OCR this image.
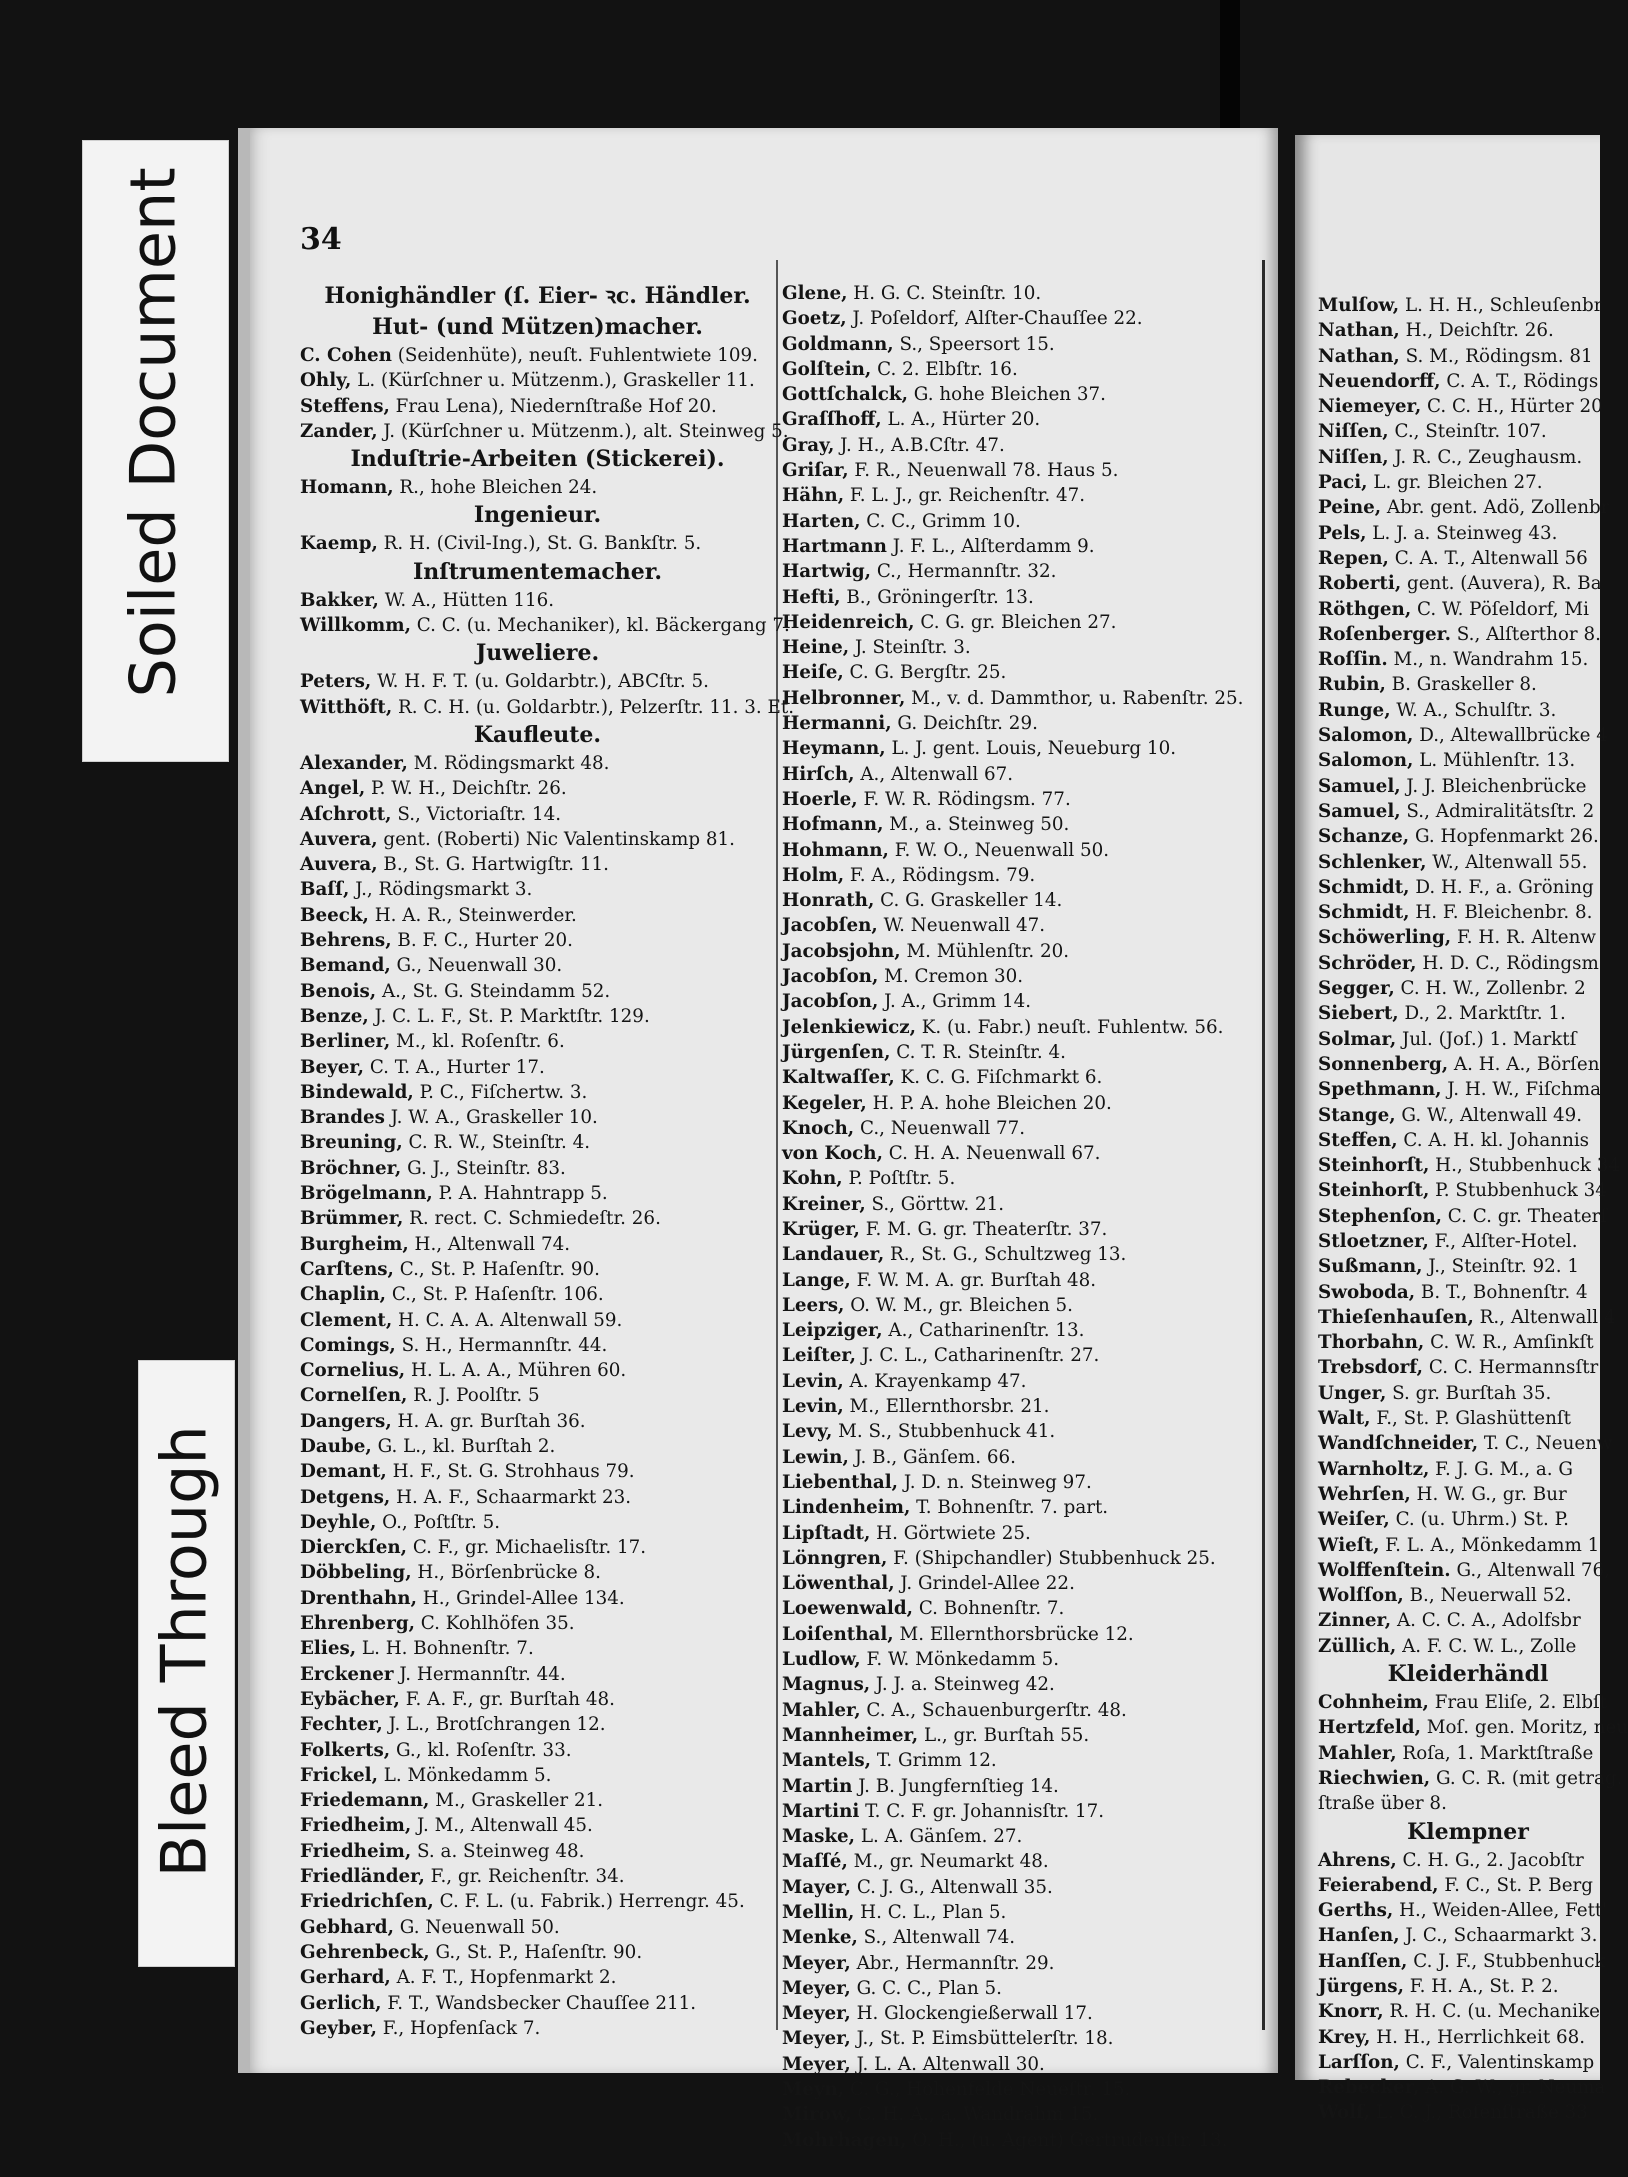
Soiled Document
Bleed Through
34
Honighändler (ſ. Eier- ꝛc. Händler.
Hut- (und Mützen)macher.
C. Cohen (Seidenhüte), neuſt. Fuhlentwiete 109.
Ohly, L. (Kürſchner u. Mützenm.), Graskeller 11.
Steffens, Frau Lena), Niedernſtraße Hof 20.
Zander, J. (Kürſchner u. Mützenm.), alt. Steinweg 5.
Induſtrie-Arbeiten (Stickerei).
Homann, R., hohe Bleichen 24.
Ingenieur.
Kaemp, R. H. (Civil-Ing.), St. G. Bankſtr. 5.
Inſtrumentemacher.
Bakker, W. A., Hütten 116.
Willkomm, C. C. (u. Mechaniker), kl. Bäckergang 7.
Juweliere.
Peters, W. H. F. T. (u. Goldarbtr.), ABCſtr. 5.
Witthöft, R. C. H. (u. Goldarbtr.), Pelzerſtr. 11. 3. Et.
Kaufleute.
Alexander, M. Rödingsmarkt 48.
Angel, P. W. H., Deichſtr. 26.
Aſchrott, S., Victoriaſtr. 14.
Auvera, gent. (Roberti) Nic Valentinskamp 81.
Auvera, B., St. G. Hartwigſtr. 11.
Baſſ, J., Rödingsmarkt 3.
Beeck, H. A. R., Steinwerder.
Behrens, B. F. C., Hurter 20.
Bemand, G., Neuenwall 30.
Benois, A., St. G. Steindamm 52.
Benze, J. C. L. F., St. P. Marktſtr. 129.
Berliner, M., kl. Roſenſtr. 6.
Beyer, C. T. A., Hurter 17.
Bindewald, P. C., Fiſchertw. 3.
Brandes J. W. A., Graskeller 10.
Breuning, C. R. W., Steinſtr. 4.
Bröchner, G. J., Steinſtr. 83.
Brögelmann, P. A. Hahntrapp 5.
Brümmer, R. rect. C. Schmiedeſtr. 26.
Burgheim, H., Altenwall 74.
Carſtens, C., St. P. Haſenſtr. 90.
Chaplin, C., St. P. Haſenſtr. 106.
Clement, H. C. A. A. Altenwall 59.
Comings, S. H., Hermannſtr. 44.
Cornelius, H. L. A. A., Mühren 60.
Cornelſen, R. J. Poolſtr. 5
Dangers, H. A. gr. Burſtah 36.
Daube, G. L., kl. Burſtah 2.
Demant, H. F., St. G. Strohhaus 79.
Detgens, H. A. F., Schaarmarkt 23.
Deyhle, O., Poſtſtr. 5.
Dierckſen, C. F., gr. Michaelisſtr. 17.
Döbbeling, H., Börſenbrücke 8.
Drenthahn, H., Grindel-Allee 134.
Ehrenberg, C. Kohlhöfen 35.
Elies, L. H. Bohnenſtr. 7.
Erckener J. Hermannſtr. 44.
Eybächer, F. A. F., gr. Burſtah 48.
Fechter, J. L., Brotſchrangen 12.
Folkerts, G., kl. Roſenſtr. 33.
Frickel, L. Mönkedamm 5.
Friedemann, M., Graskeller 21.
Friedheim, J. M., Altenwall 45.
Friedheim, S. a. Steinweg 48.
Friedländer, F., gr. Reichenſtr. 34.
Friedrichſen, C. F. L. (u. Fabrik.) Herrengr. 45.
Gebhard, G. Neuenwall 50.
Gehrenbeck, G., St. P., Haſenſtr. 90.
Gerhard, A. F. T., Hopfenmarkt 2.
Gerlich, F. T., Wandsbecker Chauſſee 211.
Geyber, F., Hopfenſack 7.
Glene, H. G. C. Steinſtr. 10.
Goetz, J. Poſeldorf, Alſter-Chauſſee 22.
Goldmann, S., Speersort 15.
Golſtein, C. 2. Elbſtr. 16.
Gottſchalck, G. hohe Bleichen 37.
Graſſhoff, L. A., Hürter 20.
Gray, J. H., A.B.Cſtr. 47.
Griſar, F. R., Neuenwall 78. Haus 5.
Hähn, F. L. J., gr. Reichenſtr. 47.
Harten, C. C., Grimm 10.
Hartmann J. F. L., Alſterdamm 9.
Hartwig, C., Hermannſtr. 32.
Hefti, B., Gröningerſtr. 13.
Heidenreich, C. G. gr. Bleichen 27.
Heine, J. Steinſtr. 3.
Heiſe, C. G. Bergſtr. 25.
Helbronner, M., v. d. Dammthor, u. Rabenſtr. 25.
Hermanni, G. Deichſtr. 29.
Heymann, L. J. gent. Louis, Neueburg 10.
Hirſch, A., Altenwall 67.
Hoerle, F. W. R. Rödingsm. 77.
Hofmann, M., a. Steinweg 50.
Hohmann, F. W. O., Neuenwall 50.
Holm, F. A., Rödingsm. 79.
Honrath, C. G. Graskeller 14.
Jacobſen, W. Neuenwall 47.
Jacobsjohn, M. Mühlenſtr. 20.
Jacobſon, M. Cremon 30.
Jacobſon, J. A., Grimm 14.
Jelenkiewicz, K. (u. Fabr.) neuſt. Fuhlentw. 56.
Jürgenſen, C. T. R. Steinſtr. 4.
Kaltwaſſer, K. C. G. Fiſchmarkt 6.
Kegeler, H. P. A. hohe Bleichen 20.
Knoch, C., Neuenwall 77.
von Koch, C. H. A. Neuenwall 67.
Kohn, P. Poſtſtr. 5.
Kreiner, S., Görttw. 21.
Krüger, F. M. G. gr. Theaterſtr. 37.
Landauer, R., St. G., Schultzweg 13.
Lange, F. W. M. A. gr. Burſtah 48.
Leers, O. W. M., gr. Bleichen 5.
Leipziger, A., Catharinenſtr. 13.
Leiſter, J. C. L., Catharinenſtr. 27.
Levin, A. Krayenkamp 47.
Levin, M., Ellernthorsbr. 21.
Levy, M. S., Stubbenhuck 41.
Lewin, J. B., Gänſem. 66.
Liebenthal, J. D. n. Steinweg 97.
Lindenheim, T. Bohnenſtr. 7. part.
Lipſtadt, H. Görtwiete 25.
Lönngren, F. (Shipchandler) Stubbenhuck 25.
Löwenthal, J. Grindel-Allee 22.
Loewenwald, C. Bohnenſtr. 7.
Loiſenthal, M. Ellernthorsbrücke 12.
Ludlow, F. W. Mönkedamm 5.
Magnus, J. J. a. Steinweg 42.
Mahler, C. A., Schauenburgerſtr. 48.
Mannheimer, L., gr. Burſtah 55.
Mantels, T. Grimm 12.
Martin J. B. Jungfernſtieg 14.
Martini T. C. F. gr. Johannisſtr. 17.
Maske, L. A. Gänſem. 27.
Maſſé, M., gr. Neumarkt 48.
Mayer, C. J. G., Altenwall 35.
Mellin, H. C. L., Plan 5.
Menke, S., Altenwall 74.
Meyer, Abr., Hermannſtr. 29.
Meyer, G. C. C., Plan 5.
Meyer, H. Glockengießerwall 17.
Meyer, J., St. P. Eimsbüttelerſtr. 18.
Meyer, J. L. A. Altenwall 30.
Meyn, C. G., Hohenfelde Neueſtr. 15.
Mirow, C. H. A., a. Wandrahm 15.
Mohrhagen, O. H., (u. Agent) Gertrudenſtr. 13.
Mulſow, L. H. H., Schleuſenbr
Nathan, H., Deichſtr. 26.
Nathan, S. M., Rödingsm. 81
Neuendorff, C. A. T., Rödings
Niemeyer, C. C. H., Hürter 20
Niſſen, C., Steinſtr. 107.
Niſſen, J. R. C., Zeughausm.
Paci, L. gr. Bleichen 27.
Peine, Abr. gent. Adö, Zollenbr
Pels, L. J. a. Steinweg 43.
Repen, C. A. T., Altenwall 56
Roberti, gent. (Auvera), R. Ba
Röthgen, C. W. Pöſeldorf, Mi
Roſenberger. S., Alſterthor 8.
Roſſin. M., n. Wandrahm 15.
Rubin, B. Graskeller 8.
Runge, W. A., Schulſtr. 3.
Salomon, D., Altewallbrücke 4
Salomon, L. Mühlenſtr. 13.
Samuel, J. J. Bleichenbrücke
Samuel, S., Admiralitätsſtr. 2
Schanze, G. Hopfenmarkt 26.
Schlenker, W., Altenwall 55.
Schmidt, D. H. F., a. Gröning
Schmidt, H. F. Bleichenbr. 8.
Schöwerling, F. H. R. Altenw
Schröder, H. D. C., Rödingsm
Segger, C. H. W., Zollenbr. 2
Siebert, D., 2. Marktſtr. 1.
Solmar, Jul. (Joſ.) 1. Marktſ
Sonnenberg, A. H. A., Börſen
Spethmann, J. H. W., Fiſchma
Stange, G. W., Altenwall 49.
Steffen, C. A. H. kl. Johannis
Steinhorſt, H., Stubbenhuck 34
Steinhorſt, P. Stubbenhuck 34
Stephenſon, C. C. gr. Theaterſ
Stloetzner, F., Alſter-Hotel.
Sußmann, J., Steinſtr. 92. 1
Swoboda, B. T., Bohnenſtr. 4
Thieſenhauſen, R., Altenwall 4
Thorbahn, C. W. R., Amſinkſt
Trebsdorf, C. C. Hermannsſtr
Unger, S. gr. Burſtah 35.
Walt, F., St. P. Glashüttenſt
Wandſchneider, T. C., Neuenw
Warnholtz, F. J. G. M., a. G
Wehrſen, H. W. G., gr. Bur
Weiſer, C. (u. Uhrm.) St. P.
Wieſt, F. L. A., Mönkedamm 1
Wolffenſtein. G., Altenwall 76,
Wolſſon, B., Neuerwall 52.
Zinner, A. C. C. A., Adolfsbr
Züllich, A. F. C. W. L., Zolle
Kleiderhändl
Cohnheim, Frau Eliſe, 2. Elbſt
Hertzfeld, Moſ. gen. Moritz, neu
Mahler, Roſa, 1. Marktſtraße
Riechwien, G. C. R. (mit getrag.
ſtraße über 8.
Klempner
Ahrens, C. H. G., 2. Jacobſtr
Feierabend, F. C., St. P. Berg
Gerths, H., Weiden-Allee, Fett'
Hanſen, J. C., Schaarmarkt 3.
Hanſſen, C. J. F., Stubbenhuck
Jürgens, F. H. A., St. P. 2.
Knorr, R. H. C. (u. Mechanike
Krey, H. H., Herrlichkeit 68.
Larſſon, C. F., Valentinskamp
Rebecker, A. G. W., gr. Neuma
Wolf, L. C. J., Roſenſtraße 33
